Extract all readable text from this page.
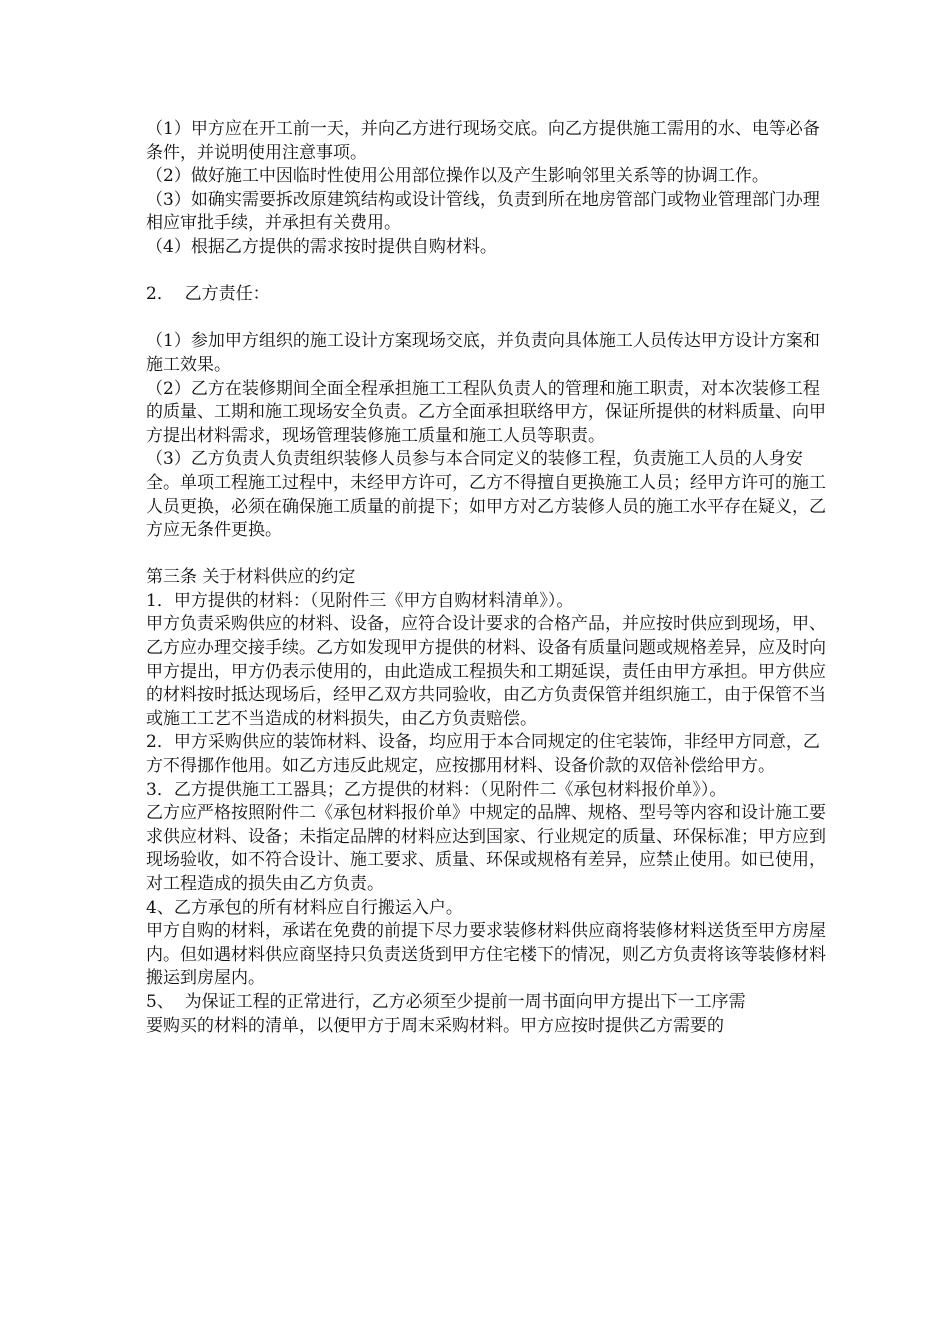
（1）甲方应在开工前一天，并向乙方进行现场交底。向乙方提供施工需用的水、电等必备条件，并说明使用注意事项。

（2）做好施工中因临时性使用公用部位操作以及产生影响邻里关系等的协调工作。

（3）如确实需要拆改原建筑结构或设计管线，负责到所在地房管部门或物业管理部门办理相应审批手续，并承担有关费用。

（4）根据乙方提供的需求按时提供自购材料。

2．  乙方责任：

（1）参加甲方组织的施工设计方案现场交底，并负责向具体施工人员传达甲方设计方案和施工效果。

（2）乙方在装修期间全面全程承担施工工程队负责人的管理和施工职责，对本次装修工程的质量、工期和施工现场安全负责。乙方全面承担联络甲方，保证所提供的材料质量、向甲方提出材料需求，现场管理装修施工质量和施工人员等职责。

（3）乙方负责人负责组织装修人员参与本合同定义的装修工程，负责施工人员的人身安全。单项工程施工过程中，未经甲方许可，乙方不得擅自更换施工人员；经甲方许可的施工人员更换，必须在确保施工质量的前提下；如甲方对乙方装修人员的施工水平存在疑义，乙方应无条件更换。

第三条 关于材料供应的约定

1．甲方提供的材料：（见附件三《甲方自购材料清单》）。

甲方负责采购供应的材料、设备，应符合设计要求的合格产品，并应按时供应到现场，甲、乙方应办理交接手续。乙方如发现甲方提供的材料、设备有质量问题或规格差异，应及时向甲方提出，甲方仍表示使用的，由此造成工程损失和工期延误，责任由甲方承担。甲方供应的材料按时抵达现场后，经甲乙双方共同验收，由乙方负责保管并组织施工，由于保管不当或施工工艺不当造成的材料损失，由乙方负责赔偿。

2．甲方采购供应的装饰材料、设备，均应用于本合同规定的住宅装饰，非经甲方同意，乙方不得挪作他用。如乙方违反此规定，应按挪用材料、设备价款的双倍补偿给甲方。

3．乙方提供施工工器具；乙方提供的材料：（见附件二《承包材料报价单》）。

乙方应严格按照附件二《承包材料报价单》中规定的品牌、规格、型号等内容和设计施工要求供应材料、设备；未指定品牌的材料应达到国家、行业规定的质量、环保标准；甲方应到现场验收，如不符合设计、施工要求、质量、环保或规格有差异，应禁止使用。如已使用，对工程造成的损失由乙方负责。

4、乙方承包的所有材料应自行搬运入户。

甲方自购的材料，承诺在免费的前提下尽力要求装修材料供应商将装修材料送货至甲方房屋内。但如遇材料供应商坚持只负责送货到甲方住宅楼下的情况，则乙方负责将该等装修材料搬运到房屋内。

5、  为保证工程的正常进行，乙方必须至少提前一周书面向甲方提出下一工序需

要购买的材料的清单，以便甲方于周末采购材料。甲方应按时提供乙方需要的
